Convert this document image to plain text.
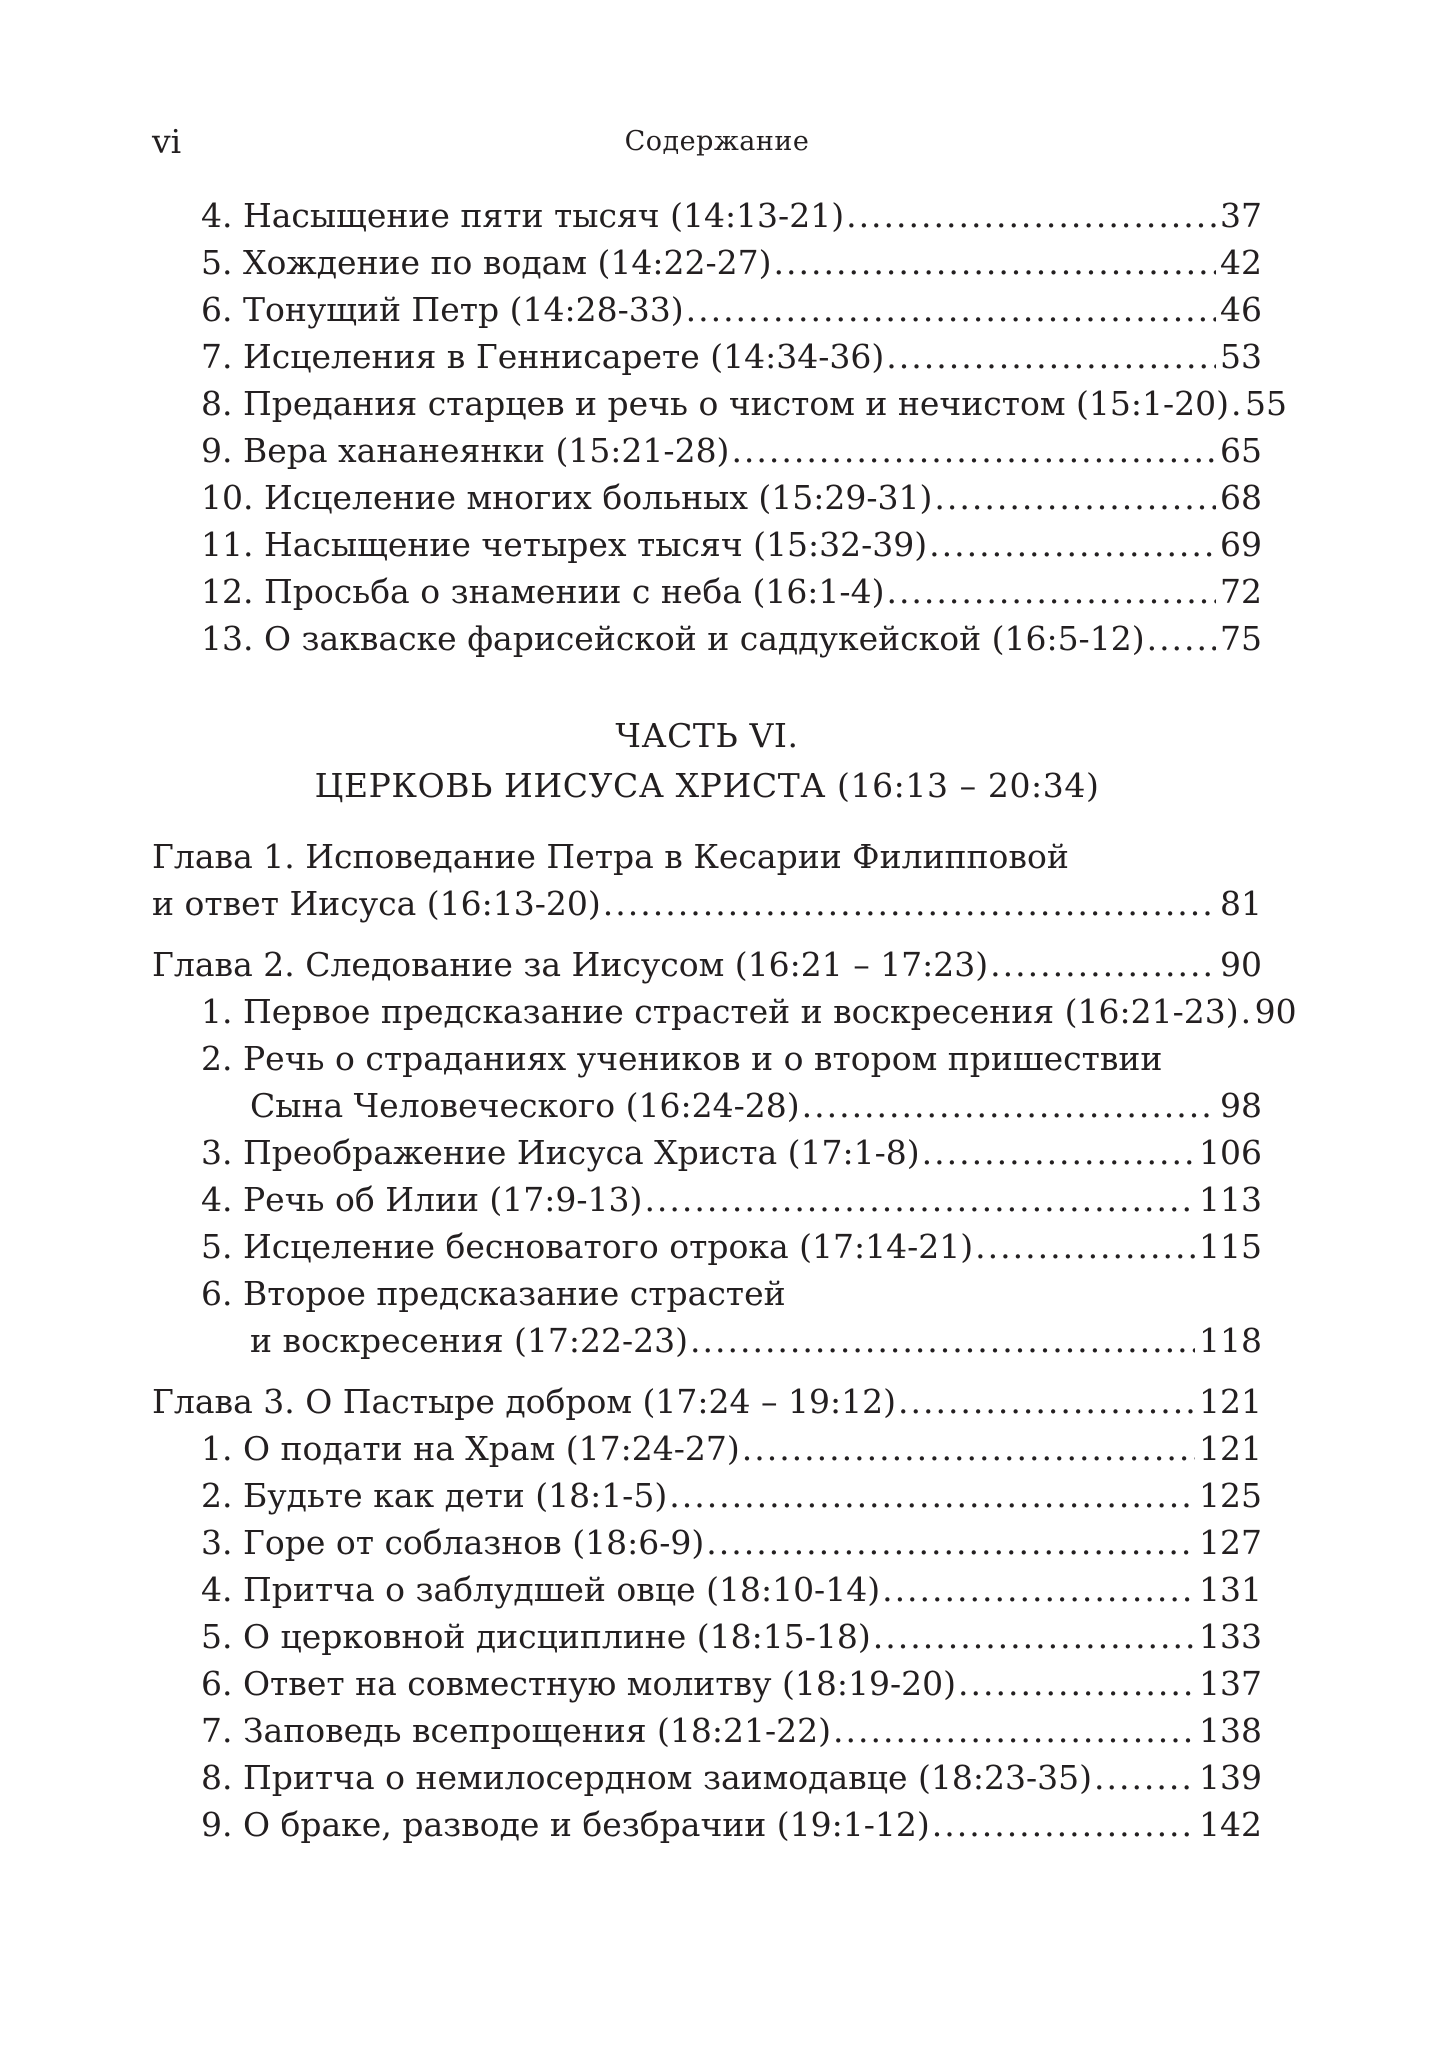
vi	Содержание
4. Насыщение пяти тысяч (14:13-21) .....	37
5. Хождение по водам (14:22-27) .....	42
6. Тонущий Петр (14:28-33) .....	46
7. Исцеления в Геннисарете (14:34-36) .....	53
8. Предания старцев и речь о чистом и нечистом (15:1-20) ..... 55
9. Вера хананеянки (15:21-28) .....	65
10. Исцеление многих больных (15:29-31) .....	68
11. Насыщение четырех тысяч (15:32-39) .....	69
12. Просьба о знамении с неба (16:1-4) .....	72
13. О закваске фарисейской и саддукейской (16:5-12) ..... 75
ЧАСТЬ VI.
ЦЕРКОВЬ ИИСУСА ХРИСТА (16:13 – 20:34)
Глава 1. Исповедание Петра в Кесарии Филипповой
и ответ Иисуса (16:13-20) .....	81
Глава 2. Следование за Иисусом (16:21 – 17:23) .....	90
1. Первое предсказание страстей и воскресения (16:21-23) ..... 90
2. Речь о страданиях учеников и о втором пришествии
Сына Человеческого (16:24-28) .....	98
3. Преображение Иисуса Христа (17:1-8) .....	106
4. Речь об Илии (17:9-13) .....	113
5. Исцеление бесноватого отрока (17:14-21) .....	115
6. Второе предсказание страстей
и воскресения (17:22-23) .....	118
Глава 3. О Пастыре добром (17:24 – 19:12) .....	121
1. О подати на Храм (17:24-27) .....	121
2. Будьте как дети (18:1-5) .....	125
3. Горе от соблазнов (18:6-9) .....	127
4. Притча о заблудшей овце (18:10-14) .....	131
5. О церковной дисциплине (18:15-18) .....	133
6. Ответ на совместную молитву (18:19-20) .....	137
7. Заповедь всепрощения (18:21-22) .....	138
8. Притча о немилосердном заимодавце (18:23-35) .....	139
9. О браке, разводе и безбрачии (19:1-12) .....	142
